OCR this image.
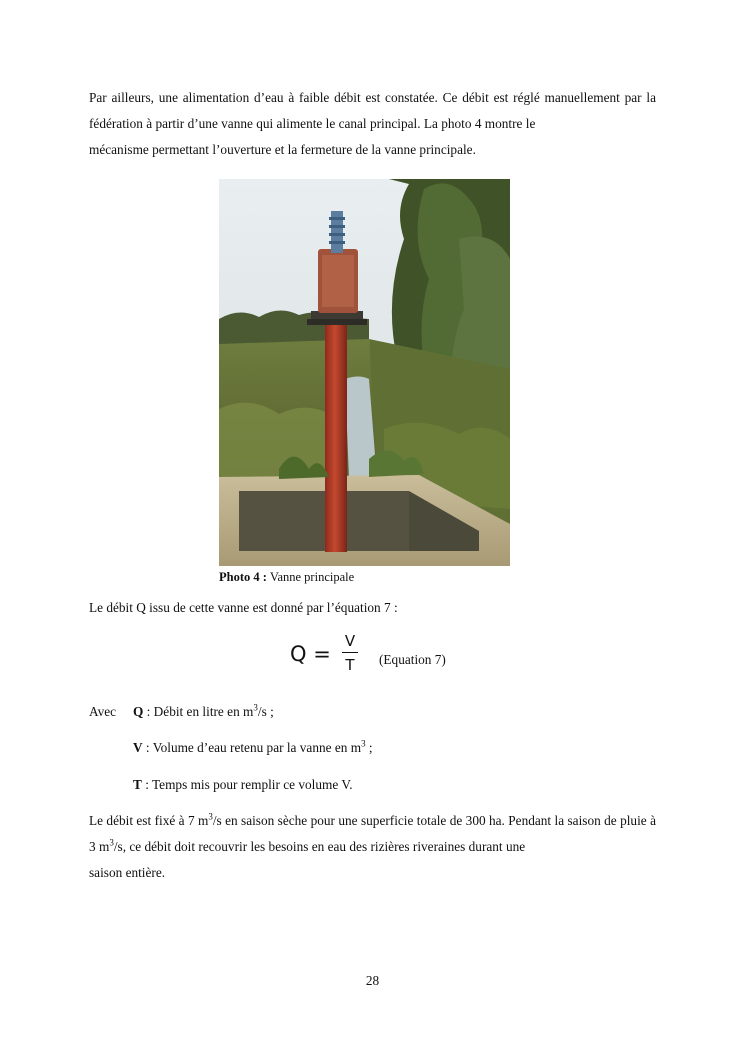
Par ailleurs, une alimentation d’eau à faible débit est constatée. Ce débit est réglé manuellement par la fédération à partir d’une vanne qui alimente le canal principal. La photo 4 montre le
mécanisme permettant l’ouverture et la fermeture de la vanne principale.

Photo 4 : Vanne principale

Le débit Q issu de cette vanne est donné par l’équation 7 :

Q =
V
T (Equation 7)
Avec Q : Débit en litre en $m^3/s$ ;
V : Volume d’eau retenu par la vanne en $m^3$ ;
T : Temps mis pour remplir ce volume V.

Le débit est fixé à 7 $m^3/s$ en saison sèche pour une superficie totale de 300 ha. Pendant la saison de pluie à 3 $m^3/s$, ce débit doit recouvrir les besoins en eau des rizières riveraines durant une
saison entière.

28
